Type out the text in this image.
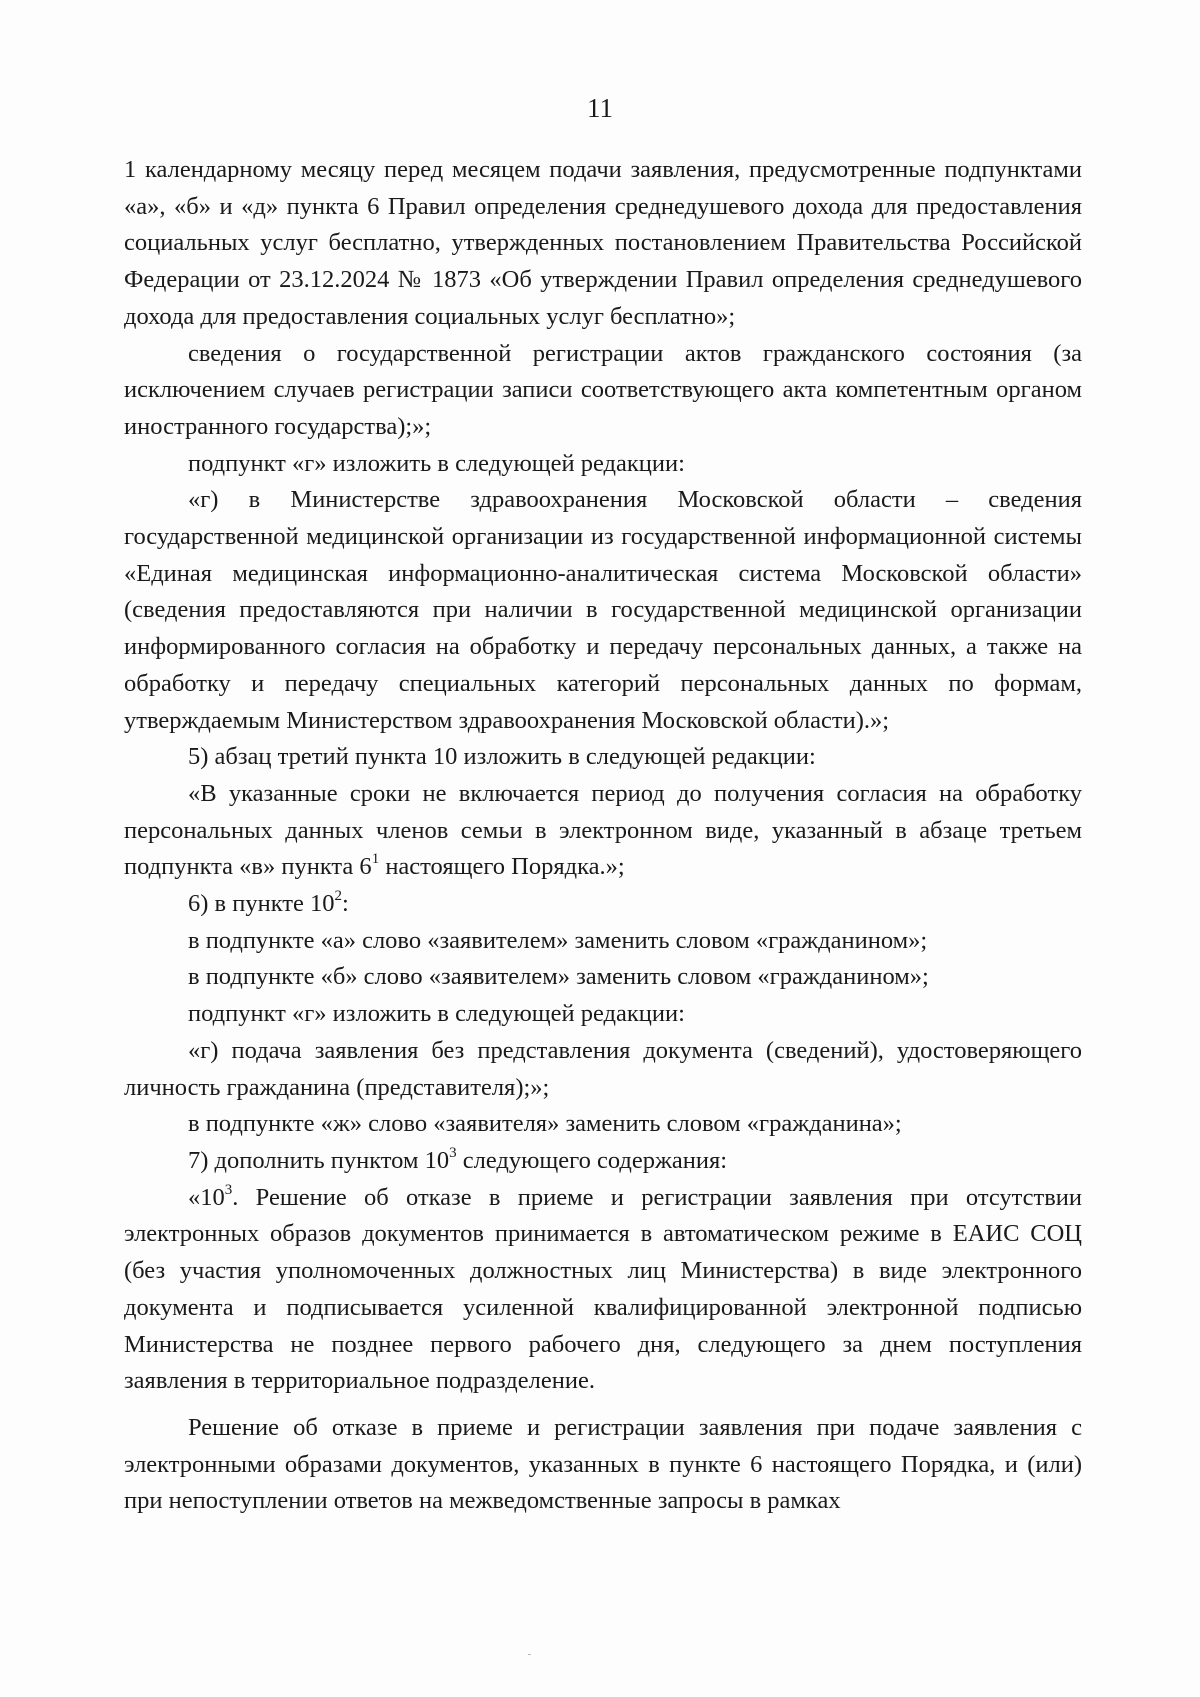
11

1 календарному месяцу перед месяцем подачи заявления, предусмотренные подпунктами «а», «б» и «д» пункта 6 Правил определения среднедушевого дохода для предоставления социальных услуг бесплатно, утвержденных постановлением Правительства Российской Федерации от 23.12.2024 № 1873 «Об утверждении Правил определения среднедушевого дохода для предоставления социальных услуг бесплатно»;

сведения о государственной регистрации актов гражданского состояния (за исключением случаев регистрации записи соответствующего акта компетентным органом иностранного государства);»;

подпункт «г» изложить в следующей редакции:

«г) в Министерстве здравоохранения Московской области – сведения государственной медицинской организации из государственной информационной системы «Единая медицинская информационно-аналитическая система Московской области» (сведения предоставляются при наличии в государственной медицинской организации информированного согласия на обработку и передачу персональных данных, а также на обработку и передачу специальных категорий персональных данных по формам, утверждаемым Министерством здравоохранения Московской области).»;

5) абзац третий пункта 10 изложить в следующей редакции:

«В указанные сроки не включается период до получения согласия на обработку персональных данных членов семьи в электронном виде, указанный в абзаце третьем подпункта «в» пункта $6^1$ настоящего Порядка.»;

6) в пункте $10^2$:

в подпункте «а» слово «заявителем» заменить словом «гражданином»;

в подпункте «б» слово «заявителем» заменить словом «гражданином»;

подпункт «г» изложить в следующей редакции:

«г) подача заявления без представления документа (сведений), удостоверяющего личность гражданина (представителя);»;

в подпункте «ж» слово «заявителя» заменить словом «гражданина»;

7) дополнить пунктом $10^3$ следующего содержания:

«$10^3$. Решение об отказе в приеме и регистрации заявления при отсутствии электронных образов документов принимается в автоматическом режиме в ЕАИС СОЦ (без участия уполномоченных должностных лиц Министерства) в виде электронного документа и подписывается усиленной квалифицированной электронной подписью Министерства не позднее первого рабочего дня, следующего за днем поступления заявления в территориальное подразделение.

Решение об отказе в приеме и регистрации заявления при подаче заявления с электронными образами документов, указанных в пункте 6 настоящего Порядка, и (или) при непоступлении ответов на межведомственные запросы в рамках
